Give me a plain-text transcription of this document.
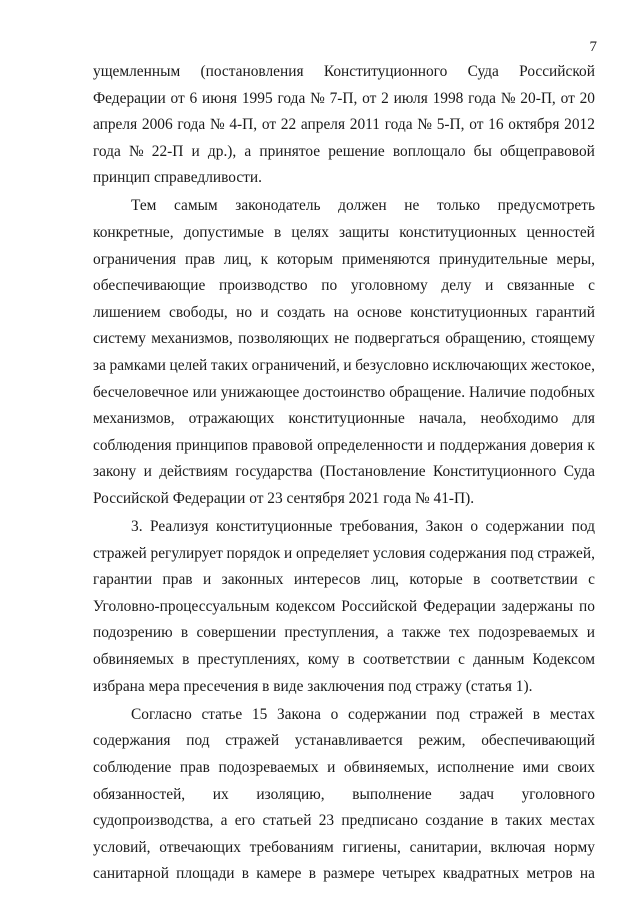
7
ущемленным (постановления Конституционного Суда Российской
Федерации от 6 июня 1995 года № 7-П, от 2 июля 1998 года № 20-П, от 20
апреля 2006 года № 4-П, от 22 апреля 2011 года № 5-П, от 16 октября 2012
года № 22-П и др.), а принятое решение воплощало бы общеправовой
принцип справедливости.
Тем самым законодатель должен не только предусмотреть
конкретные, допустимые в целях защиты конституционных ценностей
ограничения прав лиц, к которым применяются принудительные меры,
обеспечивающие производство по уголовному делу и связанные с
лишением свободы, но и создать на основе конституционных гарантий
систему механизмов, позволяющих не подвергаться обращению, стоящему
за рамками целей таких ограничений, и безусловно исключающих жестокое,
бесчеловечное или унижающее достоинство обращение. Наличие подобных
механизмов, отражающих конституционные начала, необходимо для
соблюдения принципов правовой определенности и поддержания доверия к
закону и действиям государства (Постановление Конституционного Суда
Российской Федерации от 23 сентября 2021 года № 41-П).
3. Реализуя конституционные требования, Закон о содержании под
стражей регулирует порядок и определяет условия содержания под стражей,
гарантии прав и законных интересов лиц, которые в соответствии с
Уголовно-процессуальным кодексом Российской Федерации задержаны по
подозрению в совершении преступления, а также тех подозреваемых и
обвиняемых в преступлениях, кому в соответствии с данным Кодексом
избрана мера пресечения в виде заключения под стражу (статья 1).
Согласно статье 15 Закона о содержании под стражей в местах
содержания под стражей устанавливается режим, обеспечивающий
соблюдение прав подозреваемых и обвиняемых, исполнение ими своих
обязанностей, их изоляцию, выполнение задач уголовного
судопроизводства, а его статьей 23 предписано создание в таких местах
условий, отвечающих требованиям гигиены, санитарии, включая норму
санитарной площади в камере в размере четырех квадратных метров на
